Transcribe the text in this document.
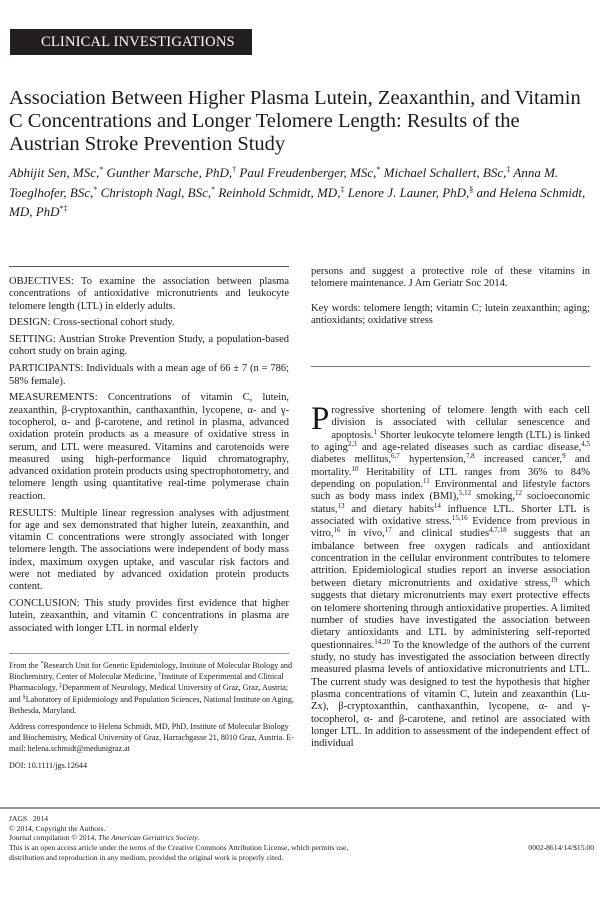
CLINICAL INVESTIGATIONS
Association Between Higher Plasma Lutein, Zeaxanthin, and Vitamin C Concentrations and Longer Telomere Length: Results of the Austrian Stroke Prevention Study
Abhijit Sen, MSc,* Gunther Marsche, PhD,† Paul Freudenberger, MSc,* Michael Schallert, BSc,‡ Anna M. Toeglhofer, BSc,* Christoph Nagl, BSc,* Reinhold Schmidt, MD,‡ Lenore J. Launer, PhD,§ and Helena Schmidt, MD, PhD*‡

OBJECTIVES: To examine the association between plasma concentrations of antioxidative micronutrients and leukocyte telomere length (LTL) in elderly adults.

DESIGN: Cross-sectional cohort study.

SETTING: Austrian Stroke Prevention Study, a population-based cohort study on brain aging.

PARTICIPANTS: Individuals with a mean age of 66 ± 7 (n = 786; 58% female).

MEASUREMENTS: Concentrations of vitamin C, lutein, zeaxanthin, β-cryptoxanthin, canthaxanthin, lycopene, α- and γ-tocopherol, α- and β-carotene, and retinol in plasma, advanced oxidation protein products as a measure of oxidative stress in serum, and LTL were measured. Vitamins and carotenoids were measured using high-performance liquid chromatography, advanced oxidation protein products using spectrophotometry, and telomere length using quantitative real-time polymerase chain reaction.

RESULTS: Multiple linear regression analyses with adjustment for age and sex demonstrated that higher lutein, zeaxanthin, and vitamin C concentrations were strongly associated with longer telomere length. The associations were independent of body mass index, maximum oxygen uptake, and vascular risk factors and were not mediated by advanced oxidation protein products content.

CONCLUSION: This study provides first evidence that higher lutein, zeaxanthin, and vitamin C concentrations in plasma are associated with longer LTL in normal elderly

persons and suggest a protective role of these vitamins in telomere maintenance. J Am Geriatr Soc 2014.

Key words: telomere length; vitamin C; lutein zeaxanthin; aging; antioxidants; oxidative stress

Progressive shortening of telomere length with each cell division is associated with cellular senescence and apoptosis.$^1$ Shorter leukocyte telomere length (LTL) is linked to aging$^{2,3}$ and age-related diseases such as cardiac disease,$^{4,5}$ diabetes mellitus,$^{6,7}$ hypertension,$^{7,8}$ increased cancer,$^9$ and mortality.$^{10}$ Heritability of LTL ranges from 36% to 84% depending on population.$^{11}$ Environmental and lifestyle factors such as body mass index (BMI),$^{5,12}$ smoking,$^{12}$ socioeconomic status,$^{13}$ and dietary habits$^{14}$ influence LTL. Shorter LTL is associated with oxidative stress.$^{15,16}$ Evidence from previous in vitro,$^{16}$ in vivo,$^{17}$ and clinical studies$^{4,7,18}$ suggests that an imbalance between free oxygen radicals and antioxidant concentration in the cellular environment contributes to telomere attrition. Epidemiological studies report an inverse association between dietary micronutrients and oxidative stress,$^{19}$ which suggests that dietary micronutrients may exert protective effects on telomere shortening through antioxidative properties. A limited number of studies have investigated the association between dietary antioxidants and LTL by administering self-reported questionnaires.$^{14,20}$ To the knowledge of the authors of the current study, no study has investigated the association between directly measured plasma levels of antioxidative micronutrients and LTL. The current study was designed to test the hypothesis that higher plasma concentrations of vitamin C, lutein and zeaxanthin (Lu-Zx), β-cryptoxanthin, canthaxanthin, lycopene, α- and γ-tocopherol, α- and β-carotene, and retinol are associated with longer LTL. In addition to assessment of the independent effect of individual

From the *Research Unit for Genetic Epidemiology, Institute of Molecular Biology and Biochemistry, Center of Molecular Medicine, †Institute of Experimental and Clinical Pharmacology, ‡Department of Neurology, Medical University of Graz, Graz, Austria; and §Laboratory of Epidemiology and Population Sciences, National Institute on Aging, Bethesda, Maryland.

Address correspondence to Helena Schmidt, MD, PhD, Institute of Molecular Biology and Biochemistry, Medical University of Graz, Harrachgasse 21, 8010 Graz, Austria. E-mail: helena.schmidt@medunigraz.at

DOI: 10.1111/jgs.12644

JAGS   2014
© 2014, Copyright the Authors.
Journal compilation © 2014, The American Geriatrics Society.
This is an open access article under the terms of the Creative Commons Attribution License, which permits use,
distribution and reproduction in any medium, provided the original work is properly cited.
0002-8614/14/$15.00
